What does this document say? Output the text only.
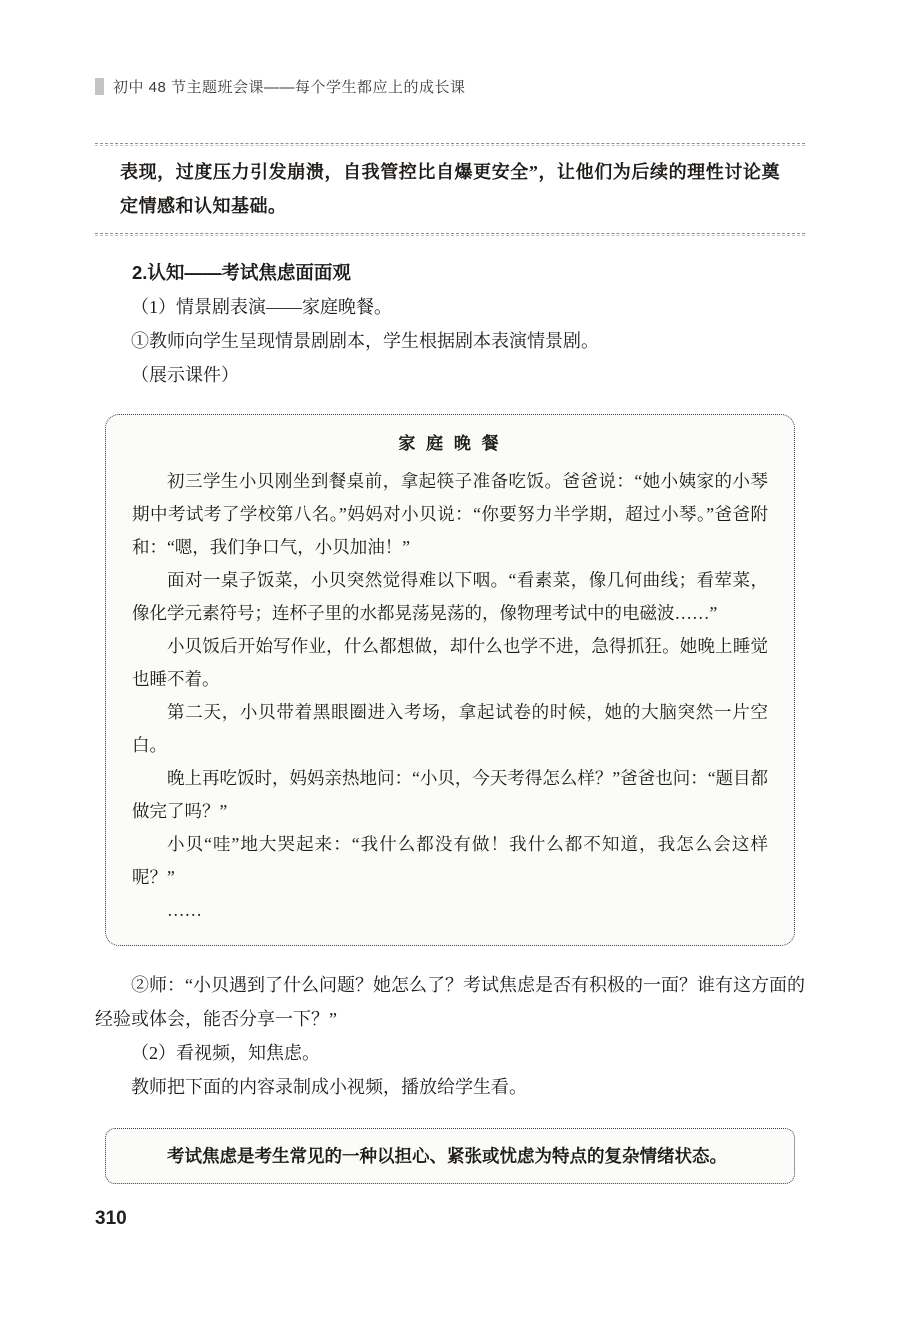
初中 48 节主题班会课——每个学生都应上的成长课
表现，过度压力引发崩溃，自我管控比自爆更安全”，让他们为后续的理性讨论奠定情感和认知基础。
2.认知——考试焦虑面面观

（1）情景剧表演——家庭晚餐。

①教师向学生呈现情景剧剧本，学生根据剧本表演情景剧。

（展示课件）

家 庭 晚 餐

初三学生小贝刚坐到餐桌前，拿起筷子准备吃饭。爸爸说：“她小姨家的小琴期中考试考了学校第八名。”妈妈对小贝说：“你要努力半学期，超过小琴。”爸爸附和：“嗯，我们争口气，小贝加油！”

面对一桌子饭菜，小贝突然觉得难以下咽。“看素菜，像几何曲线；看荤菜，像化学元素符号；连杯子里的水都晃荡晃荡的，像物理考试中的电磁波……”

小贝饭后开始写作业，什么都想做，却什么也学不进，急得抓狂。她晚上睡觉也睡不着。

第二天，小贝带着黑眼圈进入考场，拿起试卷的时候，她的大脑突然一片空白。

晚上再吃饭时，妈妈亲热地问：“小贝，今天考得怎么样？”爸爸也问：“题目都做完了吗？”

小贝“哇”地大哭起来：“我什么都没有做！我什么都不知道，我怎么会这样呢？”

……

②师：“小贝遇到了什么问题？她怎么了？考试焦虑是否有积极的一面？谁有这方面的经验或体会，能否分享一下？”

（2）看视频，知焦虑。

教师把下面的内容录制成小视频，播放给学生看。

考试焦虑是考生常见的一种以担心、紧张或忧虑为特点的复杂情绪状态。

310
